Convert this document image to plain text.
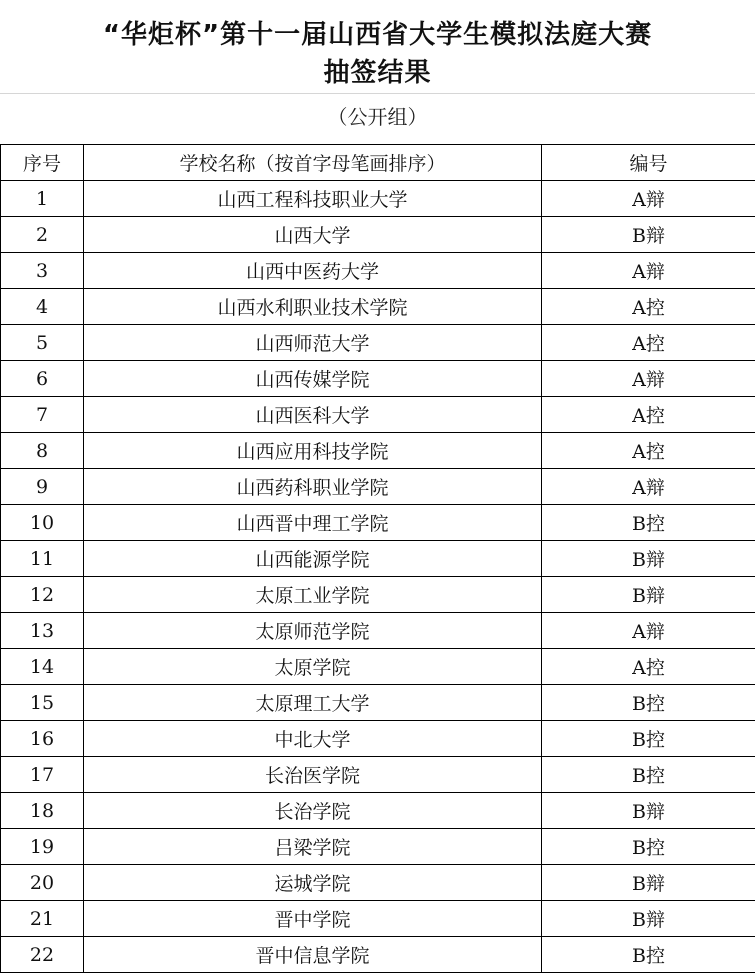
“华炬杯”第十一届山西省大学生模拟法庭大赛
抽签结果
（公开组）
序号	学校名称（按首字母笔画排序）	编号
1	山西工程科技职业大学	A辩
2	山西大学	B辩
3	山西中医药大学	A辩
4	山西水利职业技术学院	A控
5	山西师范大学	A控
6	山西传媒学院	A辩
7	山西医科大学	A控
8	山西应用科技学院	A控
9	山西药科职业学院	A辩
10	山西晋中理工学院	B控
11	山西能源学院	B辩
12	太原工业学院	B辩
13	太原师范学院	A辩
14	太原学院	A控
15	太原理工大学	B控
16	中北大学	B控
17	长治医学院	B控
18	长治学院	B辩
19	吕梁学院	B控
20	运城学院	B辩
21	晋中学院	B辩
22	晋中信息学院	B控
